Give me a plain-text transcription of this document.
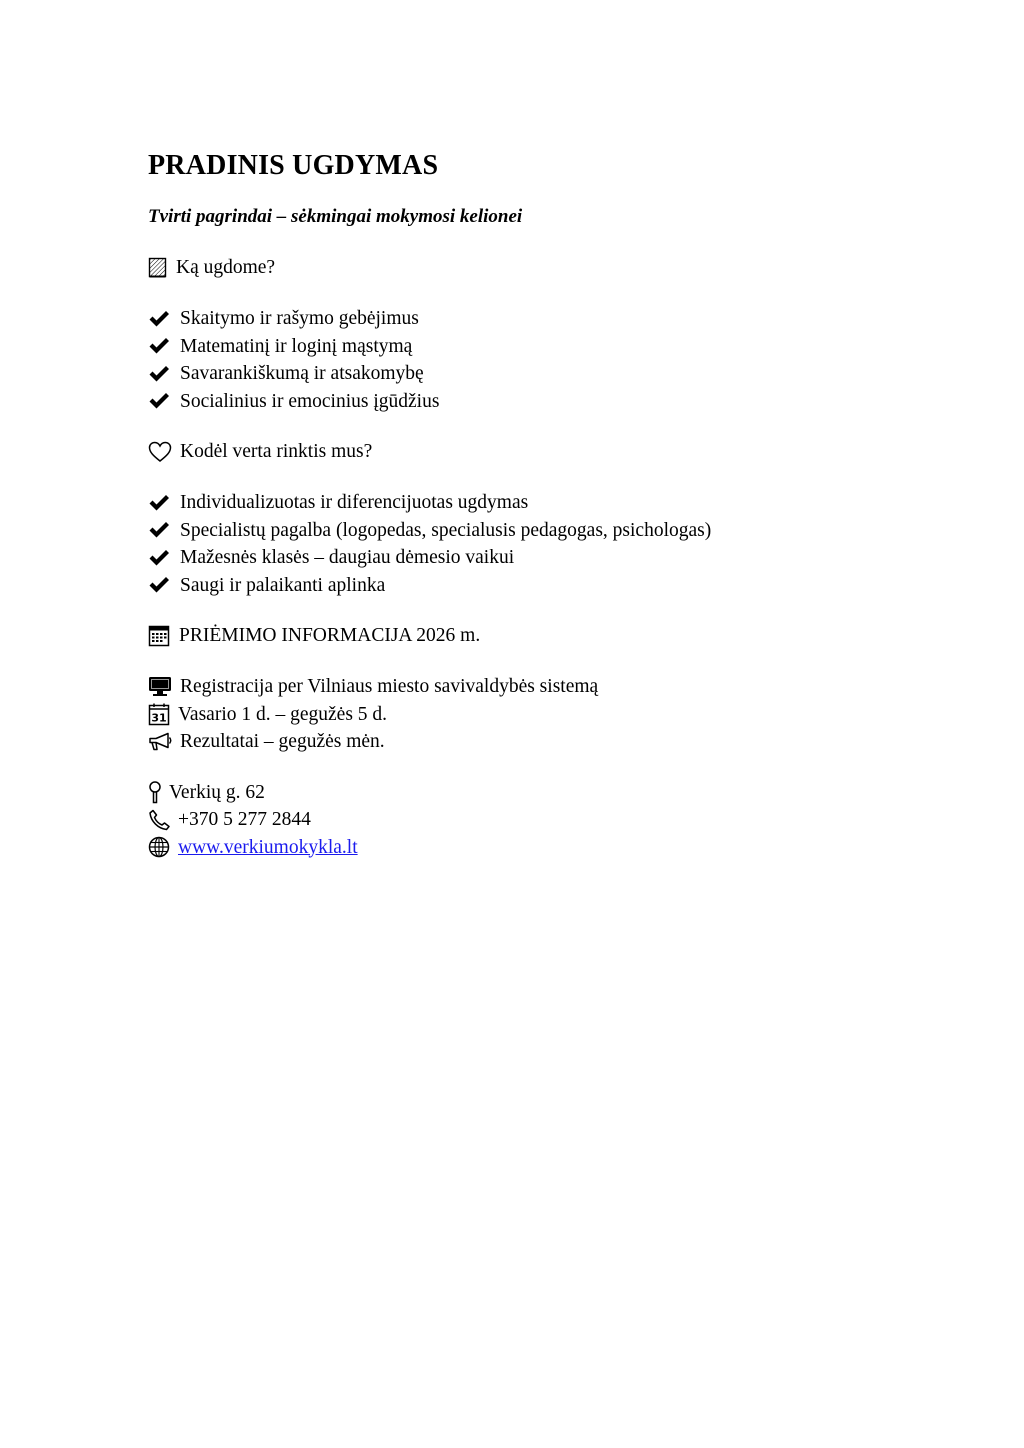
PRADINIS UGDYMAS
Tvirti pagrindai – sėkmingai mokymosi kelionei
Ką ugdome?
Skaitymo ir rašymo gebėjimus
Matematinį ir loginį mąstymą
Savarankiškumą ir atsakomybę
Socialinius ir emocinius įgūdžius
Kodėl verta rinktis mus?
Individualizuotas ir diferencijuotas ugdymas
Specialistų pagalba (logopedas, specialusis pedagogas, psichologas)
Mažesnės klasės – daugiau dėmesio vaikui
Saugi ir palaikanti aplinka
PRIĖMIMO INFORMACIJA 2026 m.
Registracija per Vilniaus miesto savivaldybės sistemą
31 Vasario 1 d. – gegužės 5 d.
Rezultatai – gegužės mėn.
Verkių g. 62
+370 5 277 2844
www.verkiumokykla.lt
